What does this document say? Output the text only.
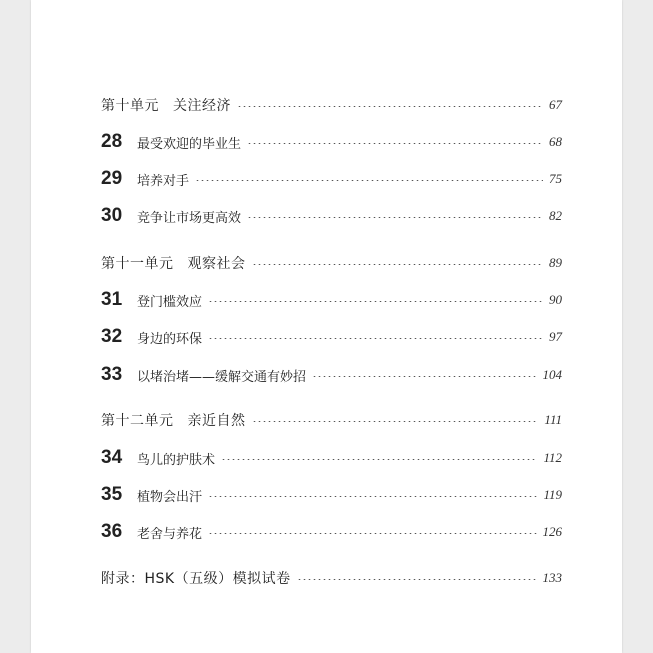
第十单元 关注经济	67
28	最受欢迎的毕业生	68
29	培养对手	75
30	竞争让市场更高效	82
第十一单元 观察社会	89
31	登门槛效应	90
32	身边的环保	97
33	以堵治堵——缓解交通有妙招	104
第十二单元 亲近自然	111
34	鸟儿的护肤术	112
35	植物会出汗	119
36	老舍与养花	126
附录：HSK（五级）模拟试卷	133
